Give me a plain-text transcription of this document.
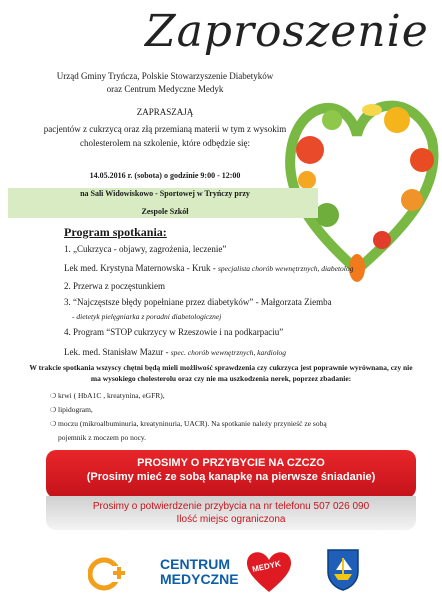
Zaproszenie
Urząd Gminy Tryńcza, Polskie Stowarzyszenie Diabetyków
oraz Centrum Medyczne Medyk
ZAPRASZAJĄ
pacjentów z cukrzycą oraz złą przemianą materii w tym z wysokim
cholesterolem na szkolenie, które odbędzie się:
14.05.2016 r. (sobota) o godzinie 9:00 - 12:00
na Sali Widowiskowo - Sportowej w Tryńczy przy
Zespole Szkół
Program spotkania:
1. „Cukrzyca - objawy, zagrożenia, leczenie”
Lek med. Krystyna Maternowska - Kruk - specjalista chorób wewnętrznych, diabetolog
2. Przerwa z poczęstunkiem
3. “Najczęstsze błędy popełniane przez diabetyków” - Małgorzata Ziemba
- dietetyk pielęgniarka z poradni diabetologicznej
4. Program “STOP cukrzycy w Rzeszowie i na podkarpaciu”
Lek. med. Stanisław Mazur - spec. chorób wewnętrznych, kardiolog
W trakcie spotkania wszyscy chętni będą mieli możliwość sprawdzenia czy cukrzyca jest poprawnie wyrównana, czy nie
ma wysokiego cholesterolu oraz czy nie ma uszkodzenia nerek, poprzez zbadanie:
❍ krwi ( HbA1C , kreatynina, eGFR),
❍ lipidogram,
❍ moczu (mikroalbuminuria, kreatyninuria, UACR). Na spotkanie należy przynieść ze sobą
pojemnik z moczem po nocy.
PROSIMY O PRZYBYCIE NA CZCZO
(Prosimy mieć ze sobą kanapkę na pierwsze śniadanie)
Prosimy o potwierdzenie przybycia na nr telefonu 507 026 090
Ilość miejsc ograniczona
CENTRUM
MEDYCZNE
MEDYK
